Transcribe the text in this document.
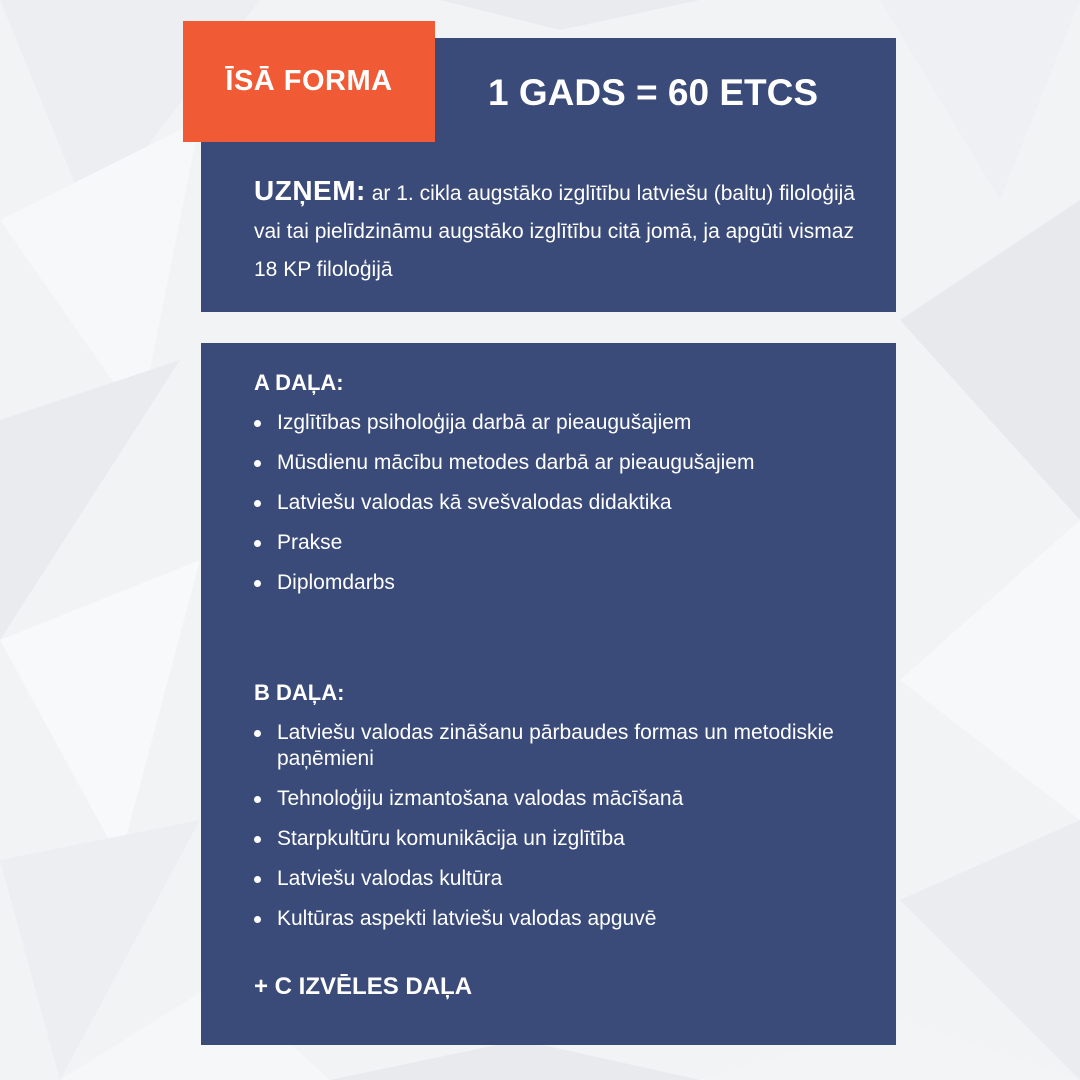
ĪSĀ FORMA	1 GADS = 60 ETCS
UZŅEM: ar 1. cikla augstāko izglītību latviešu (baltu) filoloģijā vai tai pielīdzināmu augstāko izglītību citā jomā, ja apgūti vismaz 18 KP filoloģijā
A DAĻA:
Izglītības psiholoģija darbā ar pieaugušajiem
Mūsdienu mācību metodes darbā ar pieaugušajiem
Latviešu valodas kā svešvalodas didaktika
Prakse
Diplomdarbs
B DAĻA:
Latviešu valodas zināšanu pārbaudes formas un metodiskie paņēmieni
Tehnoloģiju izmantošana valodas mācīšanā
Starpkultūru komunikācija un izglītība
Latviešu valodas kultūra
Kultūras aspekti latviešu valodas apguvē
+ C IZVĒLES DAĻA
